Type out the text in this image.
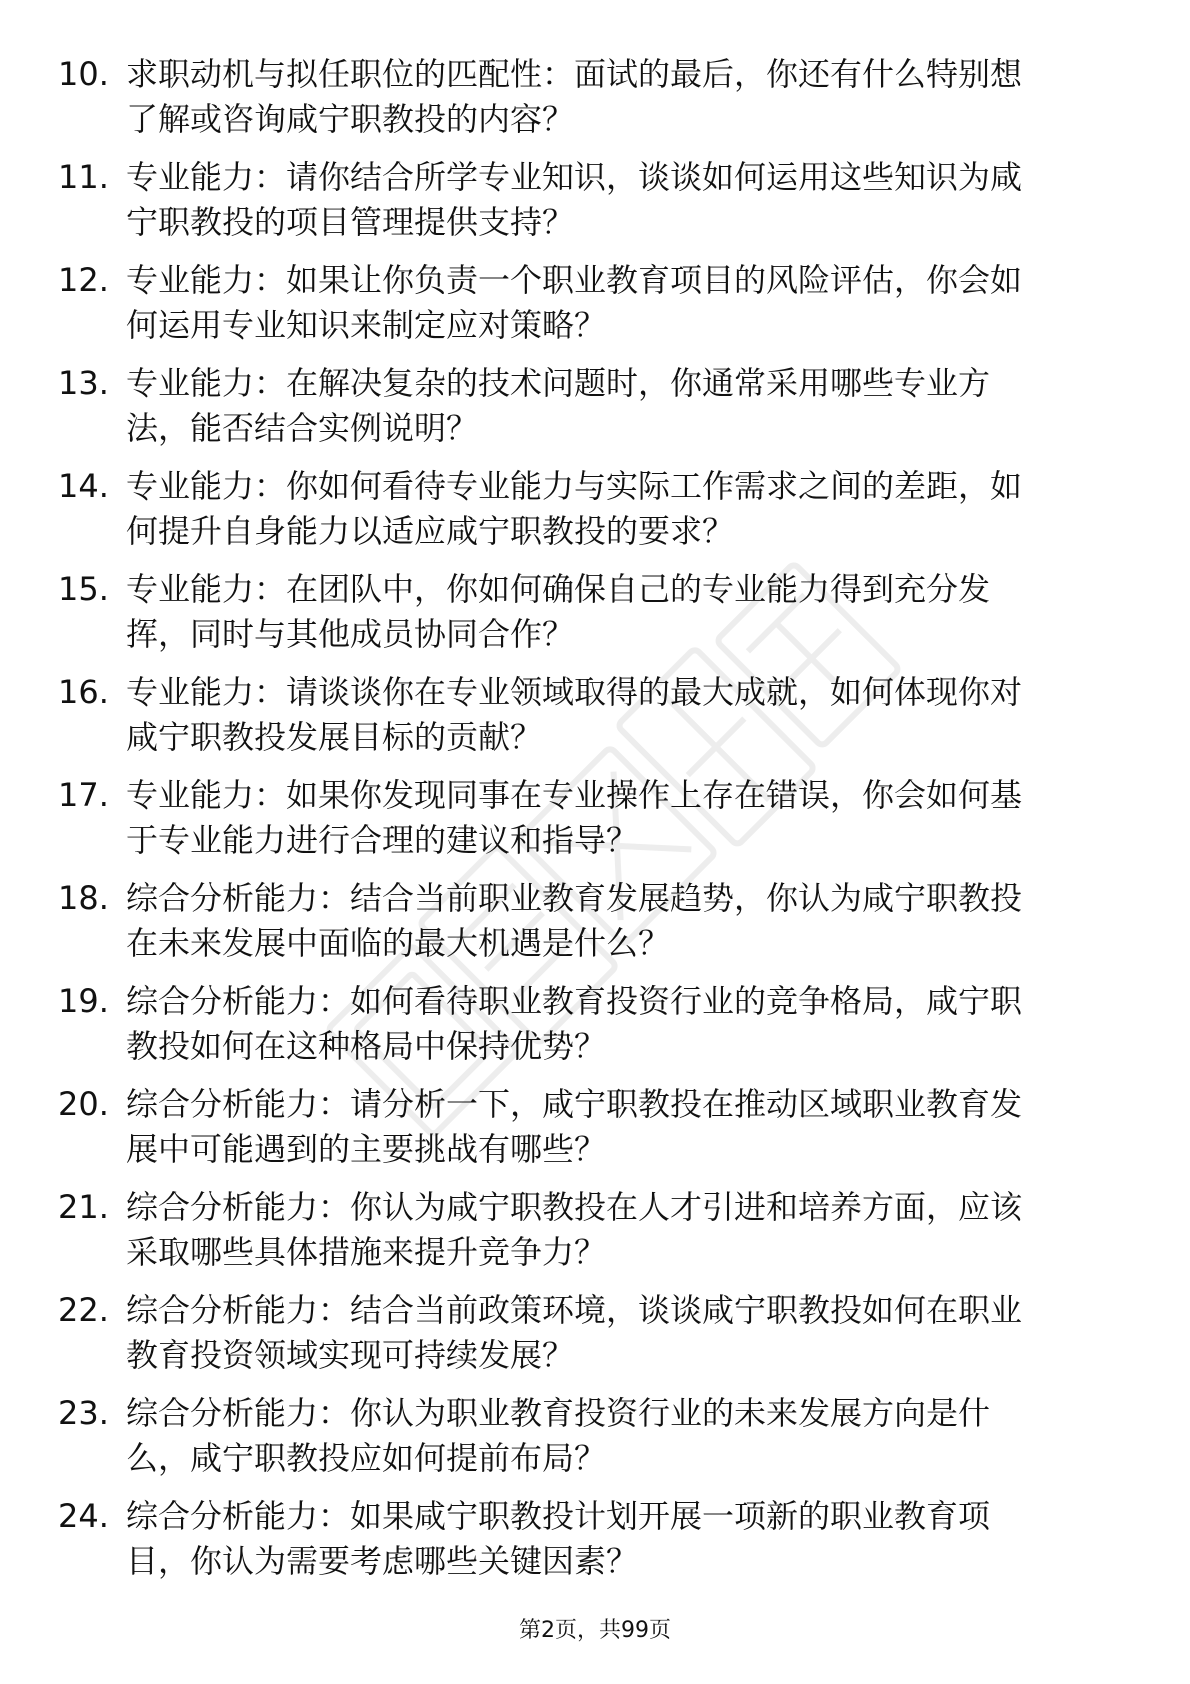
10. 求职动机与拟任职位的匹配性：面试的最后，你还有什么特别想
了解或咨询咸宁职教投的内容？
11. 专业能力：请你结合所学专业知识，谈谈如何运用这些知识为咸
宁职教投的项目管理提供支持？
12. 专业能力：如果让你负责一个职业教育项目的风险评估，你会如
何运用专业知识来制定应对策略？
13. 专业能力：在解决复杂的技术问题时，你通常采用哪些专业方
法，能否结合实例说明？
14. 专业能力：你如何看待专业能力与实际工作需求之间的差距，如
何提升自身能力以适应咸宁职教投的要求？
15. 专业能力：在团队中，你如何确保自己的专业能力得到充分发
挥，同时与其他成员协同合作？
16. 专业能力：请谈谈你在专业领域取得的最大成就，如何体现你对
咸宁职教投发展目标的贡献？
17. 专业能力：如果你发现同事在专业操作上存在错误，你会如何基
于专业能力进行合理的建议和指导？
18. 综合分析能力：结合当前职业教育发展趋势，你认为咸宁职教投
在未来发展中面临的最大机遇是什么？
19. 综合分析能力：如何看待职业教育投资行业的竞争格局，咸宁职
教投如何在这种格局中保持优势？
20. 综合分析能力：请分析一下，咸宁职教投在推动区域职业教育发
展中可能遇到的主要挑战有哪些？
21. 综合分析能力：你认为咸宁职教投在人才引进和培养方面，应该
采取哪些具体措施来提升竞争力？
22. 综合分析能力：结合当前政策环境，谈谈咸宁职教投如何在职业
教育投资领域实现可持续发展？
23. 综合分析能力：你认为职业教育投资行业的未来发展方向是什
么，咸宁职教投应如何提前布局？
24. 综合分析能力：如果咸宁职教投计划开展一项新的职业教育项
目，你认为需要考虑哪些关键因素？
第2页，共99页
